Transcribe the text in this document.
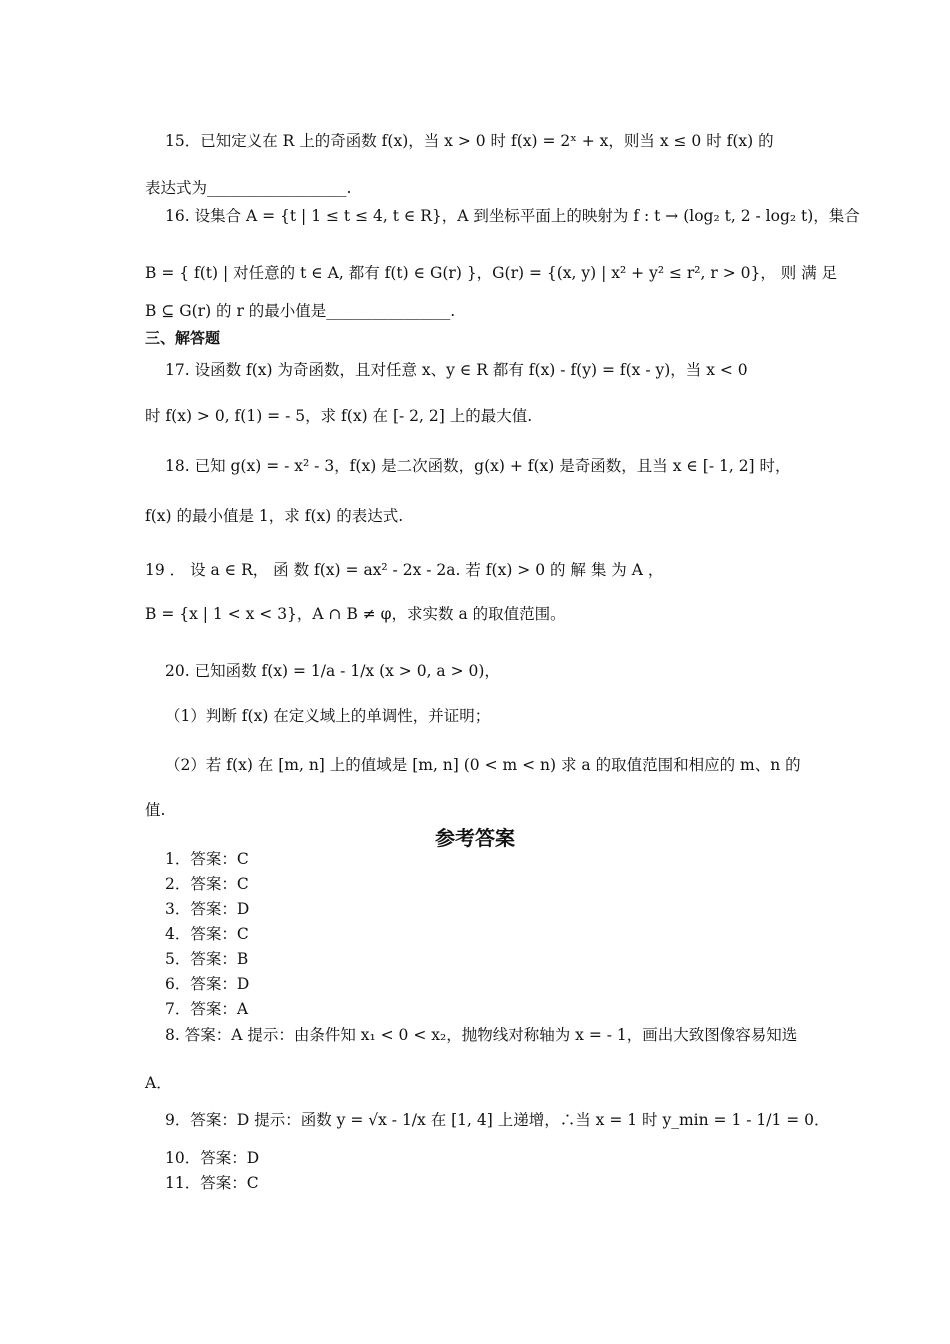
15．已知定义在 R 上的奇函数 f(x)，当 x > 0 时 f(x) = 2ˣ + x，则当 x ≤ 0 时 f(x) 的
表达式为__________________.
16. 设集合 A = {t | 1 ≤ t ≤ 4, t ∈ R}，A 到坐标平面上的映射为 f : t → (log₂ t, 2 - log₂ t)，集合
B = { f(t) | 对任意的 t ∈ A, 都有 f(t) ∈ G(r) }，G(r) = {(x, y) | x² + y² ≤ r², r > 0}， 则 满 足
B ⊆ G(r) 的 r 的最小值是________________.
三、解答题
17. 设函数 f(x) 为奇函数，且对任意 x、y ∈ R 都有 f(x) - f(y) = f(x - y)，当 x < 0
时 f(x) > 0, f(1) = - 5，求 f(x) 在 [- 2, 2] 上的最大值.
18. 已知 g(x) = - x² - 3，f(x) 是二次函数，g(x) + f(x) 是奇函数，且当 x ∈ [- 1, 2] 时，
f(x) 的最小值是 1，求 f(x) 的表达式.
19 ． 设 a ∈ R， 函 数 f(x) = ax² - 2x - 2a. 若 f(x) > 0 的 解 集 为 A ，
B = {x | 1 < x < 3}，A ∩ B ≠ φ，求实数 a 的取值范围。
20. 已知函数 f(x) = 1/a - 1/x (x > 0, a > 0)，
（1）判断 f(x) 在定义域上的单调性，并证明；
（2）若 f(x) 在 [m, n] 上的值域是 [m, n] (0 < m < n) 求 a 的取值范围和相应的 m、n 的
值.
参考答案
1．答案：C
2．答案：C
3．答案：D
4．答案：C
5．答案：B
6．答案：D
7．答案：A
8. 答案：A 提示：由条件知 x₁ < 0 < x₂，抛物线对称轴为 x = - 1，画出大致图像容易知选
A．
9．答案：D 提示：函数 y = √x - 1/x 在 [1, 4] 上递增，∴当 x = 1 时 y_min = 1 - 1/1 = 0．
10．答案：D
11．答案：C
